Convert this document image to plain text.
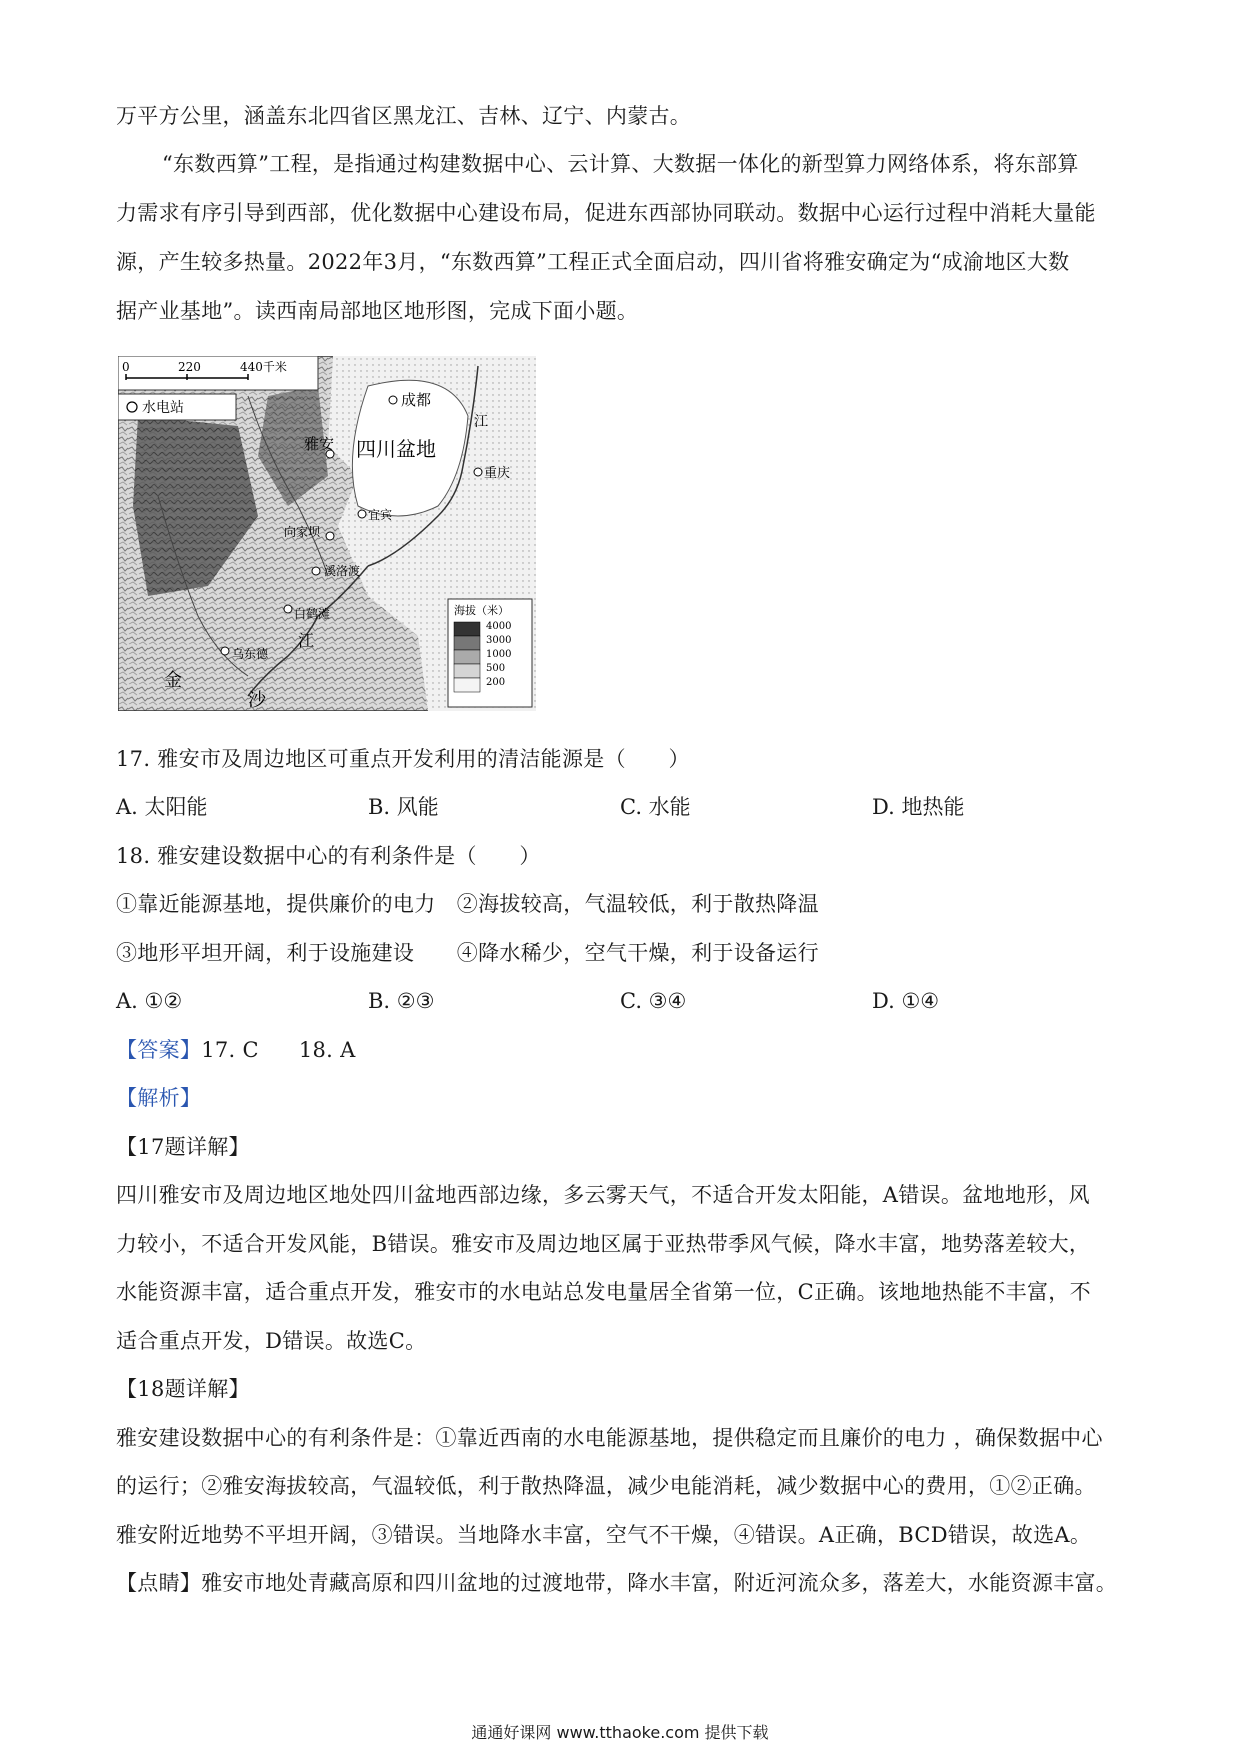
万平方公里，涵盖东北四省区黑龙江、吉林、辽宁、内蒙古。
“东数西算”工程，是指通过构建数据中心、云计算、大数据一体化的新型算力网络体系，将东部算
力需求有序引导到西部，优化数据中心建设布局，促进东西部协同联动。数据中心运行过程中消耗大量能
源，产生较多热量。2022年3月，“东数西算”工程正式全面启动，四川省将雅安确定为“成渝地区大数
据产业基地”。读西南局部地区地形图，完成下面小题。
0	220	440千米
水电站	成都
雅安 四川盆地
重庆
宜宾
向家坝
溪洛渡
白鹤滩
乌东德
江
江
金
沙
海拔（米）
4000
3000
1000
500
200
17. 雅安市及周边地区可重点开发利用的清洁能源是（　　）
A. 太阳能	B. 风能	C. 水能	D. 地热能
18. 雅安建设数据中心的有利条件是（　　）
①靠近能源基地，提供廉价的电力　②海拔较高，气温较低，利于散热降温
③地形平坦开阔，利于设施建设　　④降水稀少，空气干燥，利于设备运行
A. ①②	B. ②③	C. ③④	D. ①④
【答案】17. C 18. A
【解析】
【17题详解】
四川雅安市及周边地区地处四川盆地西部边缘，多云雾天气，不适合开发太阳能，A错误。盆地地形，风
力较小，不适合开发风能，B错误。雅安市及周边地区属于亚热带季风气候，降水丰富，地势落差较大，
水能资源丰富，适合重点开发，雅安市的水电站总发电量居全省第一位，C正确。该地地热能不丰富，不
适合重点开发，D错误。故选C。
【18题详解】
雅安建设数据中心的有利条件是：①靠近西南的水电能源基地，提供稳定而且廉价的电力 ，确保数据中心
的运行；②雅安海拔较高，气温较低，利于散热降温，减少电能消耗，减少数据中心的费用，①②正确。
雅安附近地势不平坦开阔，③错误。当地降水丰富，空气不干燥，④错误。A正确，BCD错误，故选A。
【点睛】雅安市地处青藏高原和四川盆地的过渡地带，降水丰富，附近河流众多，落差大，水能资源丰富。
通通好课网 www.tthaoke.com 提供下载
